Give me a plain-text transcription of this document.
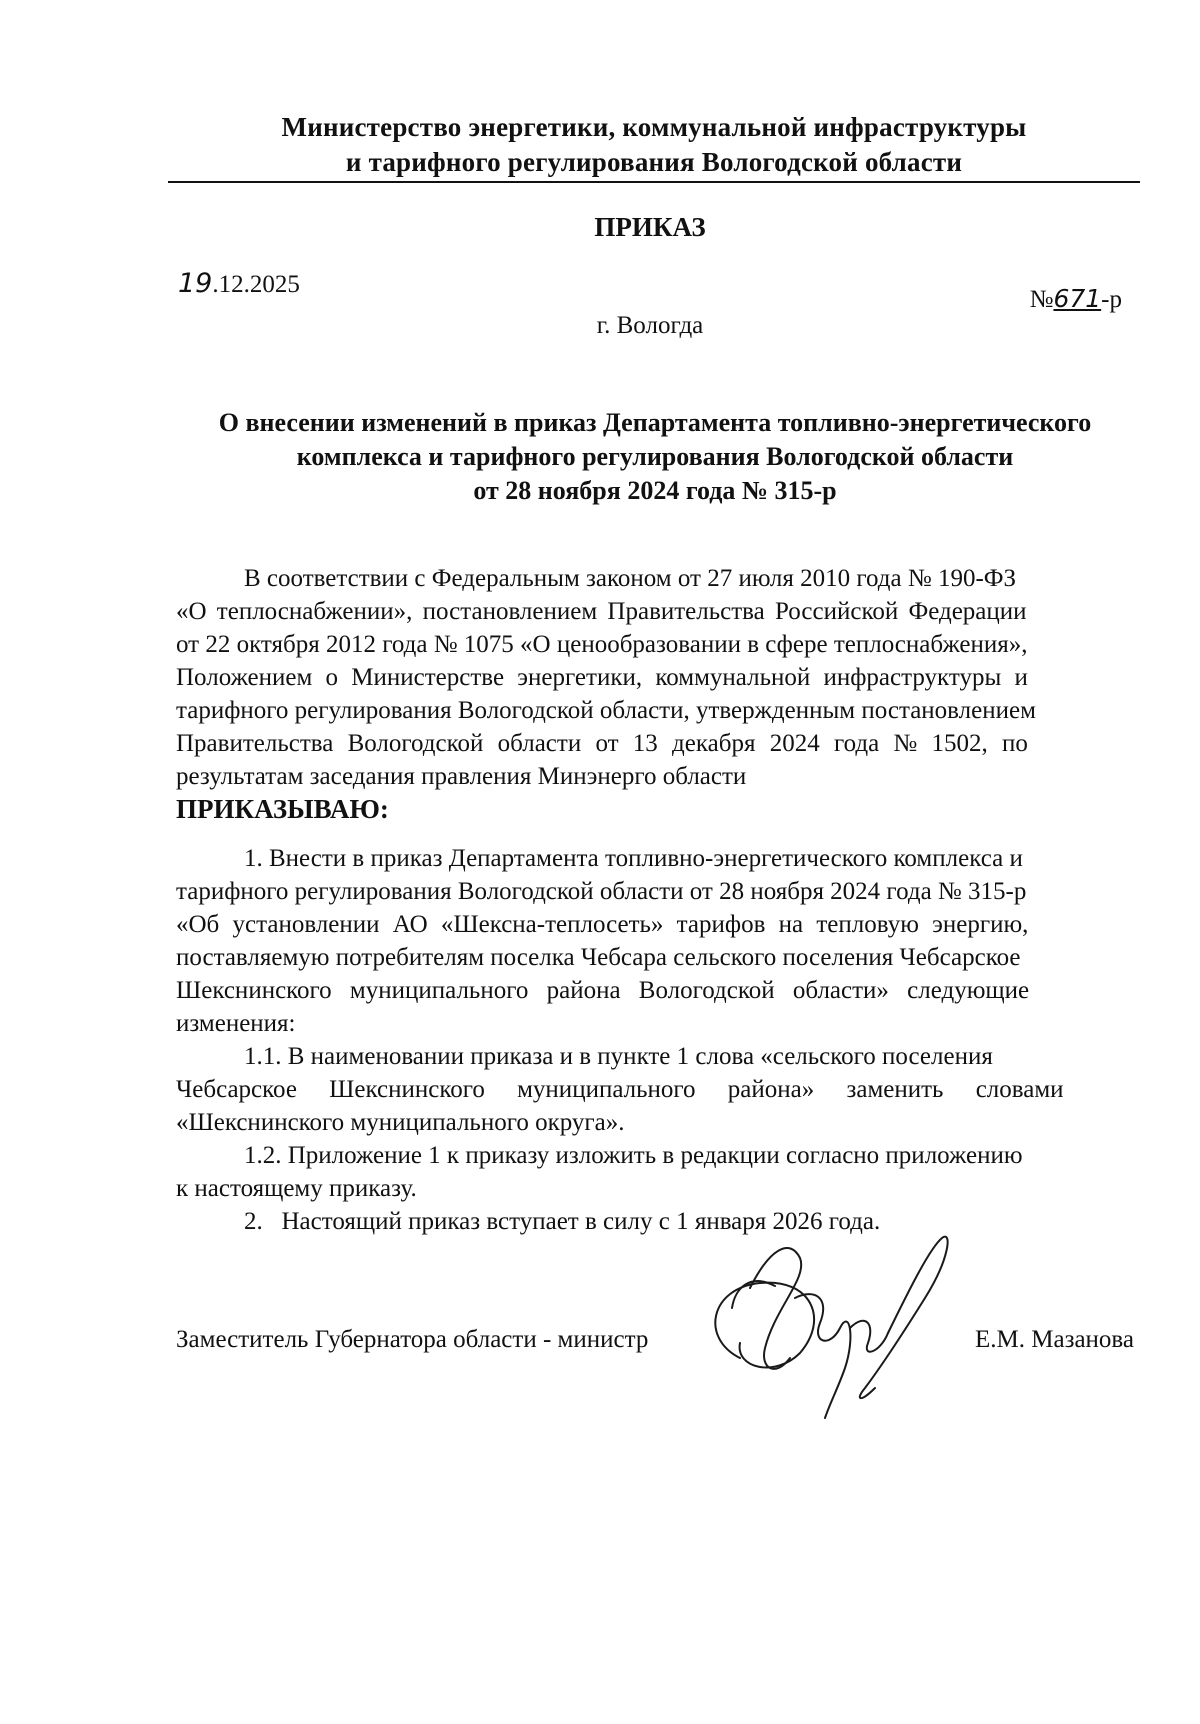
Министерство энергетики, коммунальной инфраструктуры
и тарифного регулирования Вологодской области
ПРИКАЗ
19.12.2025
№671-р
г. Вологда
О внесении изменений в приказ Департамента топливно-энергетического
комплекса и тарифного регулирования Вологодской области
от 28 ноября 2024 года № 315-р
В соответствии с Федеральным законом от 27 июля 2010 года № 190-ФЗ
«О теплоснабжении», постановлением Правительства Российской Федерации
от 22 октября 2012 года № 1075 «О ценообразовании в сфере теплоснабжения»,
Положением о Министерстве энергетики, коммунальной инфраструктуры и
тарифного регулирования Вологодской области, утвержденным постановлением
Правительства Вологодской области от 13 декабря 2024 года № 1502, по
результатам заседания правления Минэнерго области
ПРИКАЗЫВАЮ:
1. Внести в приказ Департамента топливно-энергетического комплекса и
тарифного регулирования Вологодской области от 28 ноября 2024 года № 315-р
«Об установлении АО «Шексна-теплосеть» тарифов на тепловую энергию,
поставляемую потребителям поселка Чебсара сельского поселения Чебсарское
Шекснинского муниципального района Вологодской области» следующие
изменения:
1.1. В наименовании приказа и в пункте 1 слова «сельского поселения
Чебсарское Шекснинского муниципального района» заменить словами
«Шекснинского муниципального округа».
1.2. Приложение 1 к приказу изложить в редакции согласно приложению
к настоящему приказу.
2.   Настоящий приказ вступает в силу с 1 января 2026 года.
Заместитель Губернатора области - министр	Е.М. Мазанова
